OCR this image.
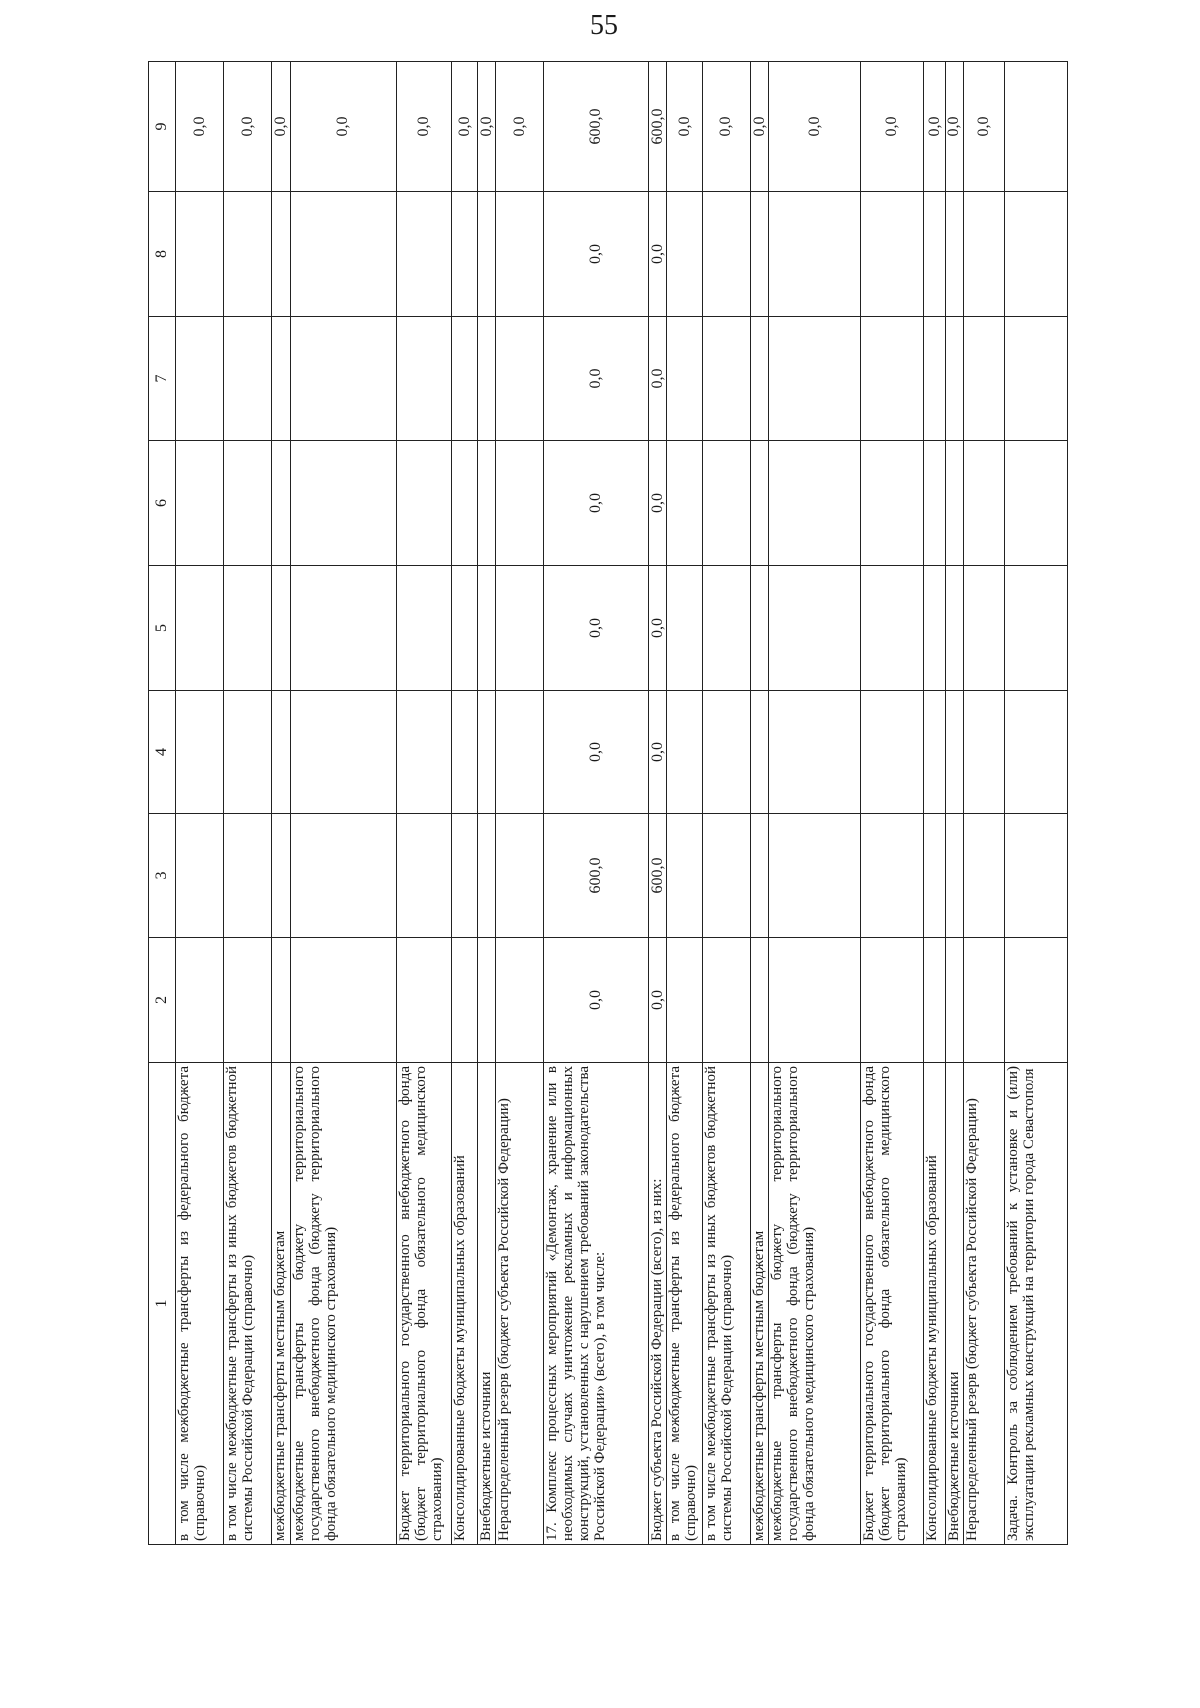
55
1	2	3	4	5	6	7	8	9
в том числе межбюджетные трансферты из федерального бюджета (справочно)								0,0
в том числе межбюджетные трансферты из иных бюджетов бюджетной системы Российской Федерации (справочно)								0,0
межбюджетные трансферты местным бюджетам								0,0
межбюджетные трансферты бюджету территориального государственного внебюджетного фонда (бюджету территориального фонда обязательного медицинского страхования)								0,0
Бюджет территориального государственного внебюджетного фонда (бюджет территориального фонда обязательного медицинского страхования)								0,0
Консолидированные бюджеты муниципальных образований								0,0
Внебюджетные источники								0,0
Нераспределенный резерв (бюджет субъекта Российской Федерации)								0,0
17. Комплекс процессных мероприятий «Демонтаж, хранение или в необходимых случаях уничтожение рекламных и информационных конструкций, установленных с нарушением требований законодательства Российской Федерации» (всего), в том числе:	0,0	600,0	0,0	0,0	0,0	0,0	0,0	600,0
Бюджет субъекта Российской Федерации (всего), из них:	0,0	600,0	0,0	0,0	0,0	0,0	0,0	600,0
в том числе межбюджетные трансферты из федерального бюджета (справочно)								0,0
в том числе межбюджетные трансферты из иных бюджетов бюджетной системы Российской Федерации (справочно)								0,0
межбюджетные трансферты местным бюджетам								0,0
межбюджетные трансферты бюджету территориального государственного внебюджетного фонда (бюджету территориального фонда обязательного медицинского страхования)								0,0
Бюджет территориального государственного внебюджетного фонда (бюджет территориального фонда обязательного медицинского страхования)								0,0
Консолидированные бюджеты муниципальных образований								0,0
Внебюджетные источники								0,0
Нераспределенный резерв (бюджет субъекта Российской Федерации)								0,0
Задача. Контроль за соблюдением требований к установке и (или) эксплуатации рекламных конструкций на территории города Севастополя								
